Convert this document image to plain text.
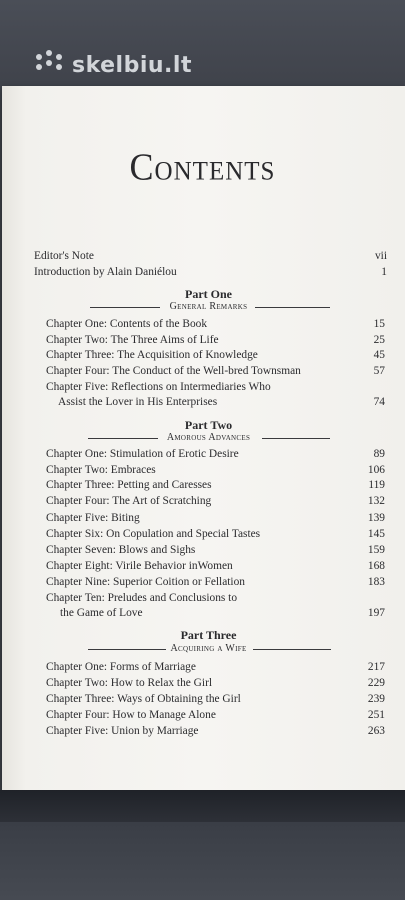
skelbiu.lt
Contents
Editor's Note	vii
Introduction by Alain Daniélou	1
Part One
General Remarks
Chapter One: Contents of the Book	15
Chapter Two: The Three Aims of Life	25
Chapter Three: The Acquisition of Knowledge	45
Chapter Four: The Conduct of the Well-bred Townsman	57
Chapter Five: Reflections on Intermediaries Who
Assist the Lover in His Enterprises	74
Part Two
Amorous Advances
Chapter One: Stimulation of Erotic Desire	89
Chapter Two: Embraces	106
Chapter Three: Petting and Caresses	119
Chapter Four: The Art of Scratching	132
Chapter Five: Biting	139
Chapter Six: On Copulation and Special Tastes	145
Chapter Seven: Blows and Sighs	159
Chapter Eight: Virile Behavior inWomen	168
Chapter Nine: Superior Coition or Fellation	183
Chapter Ten: Preludes and Conclusions to
the Game of Love	197
Part Three
Acquiring a Wife
Chapter One: Forms of Marriage	217
Chapter Two: How to Relax the Girl	229
Chapter Three: Ways of Obtaining the Girl	239
Chapter Four: How to Manage Alone	251
Chapter Five: Union by Marriage	263
